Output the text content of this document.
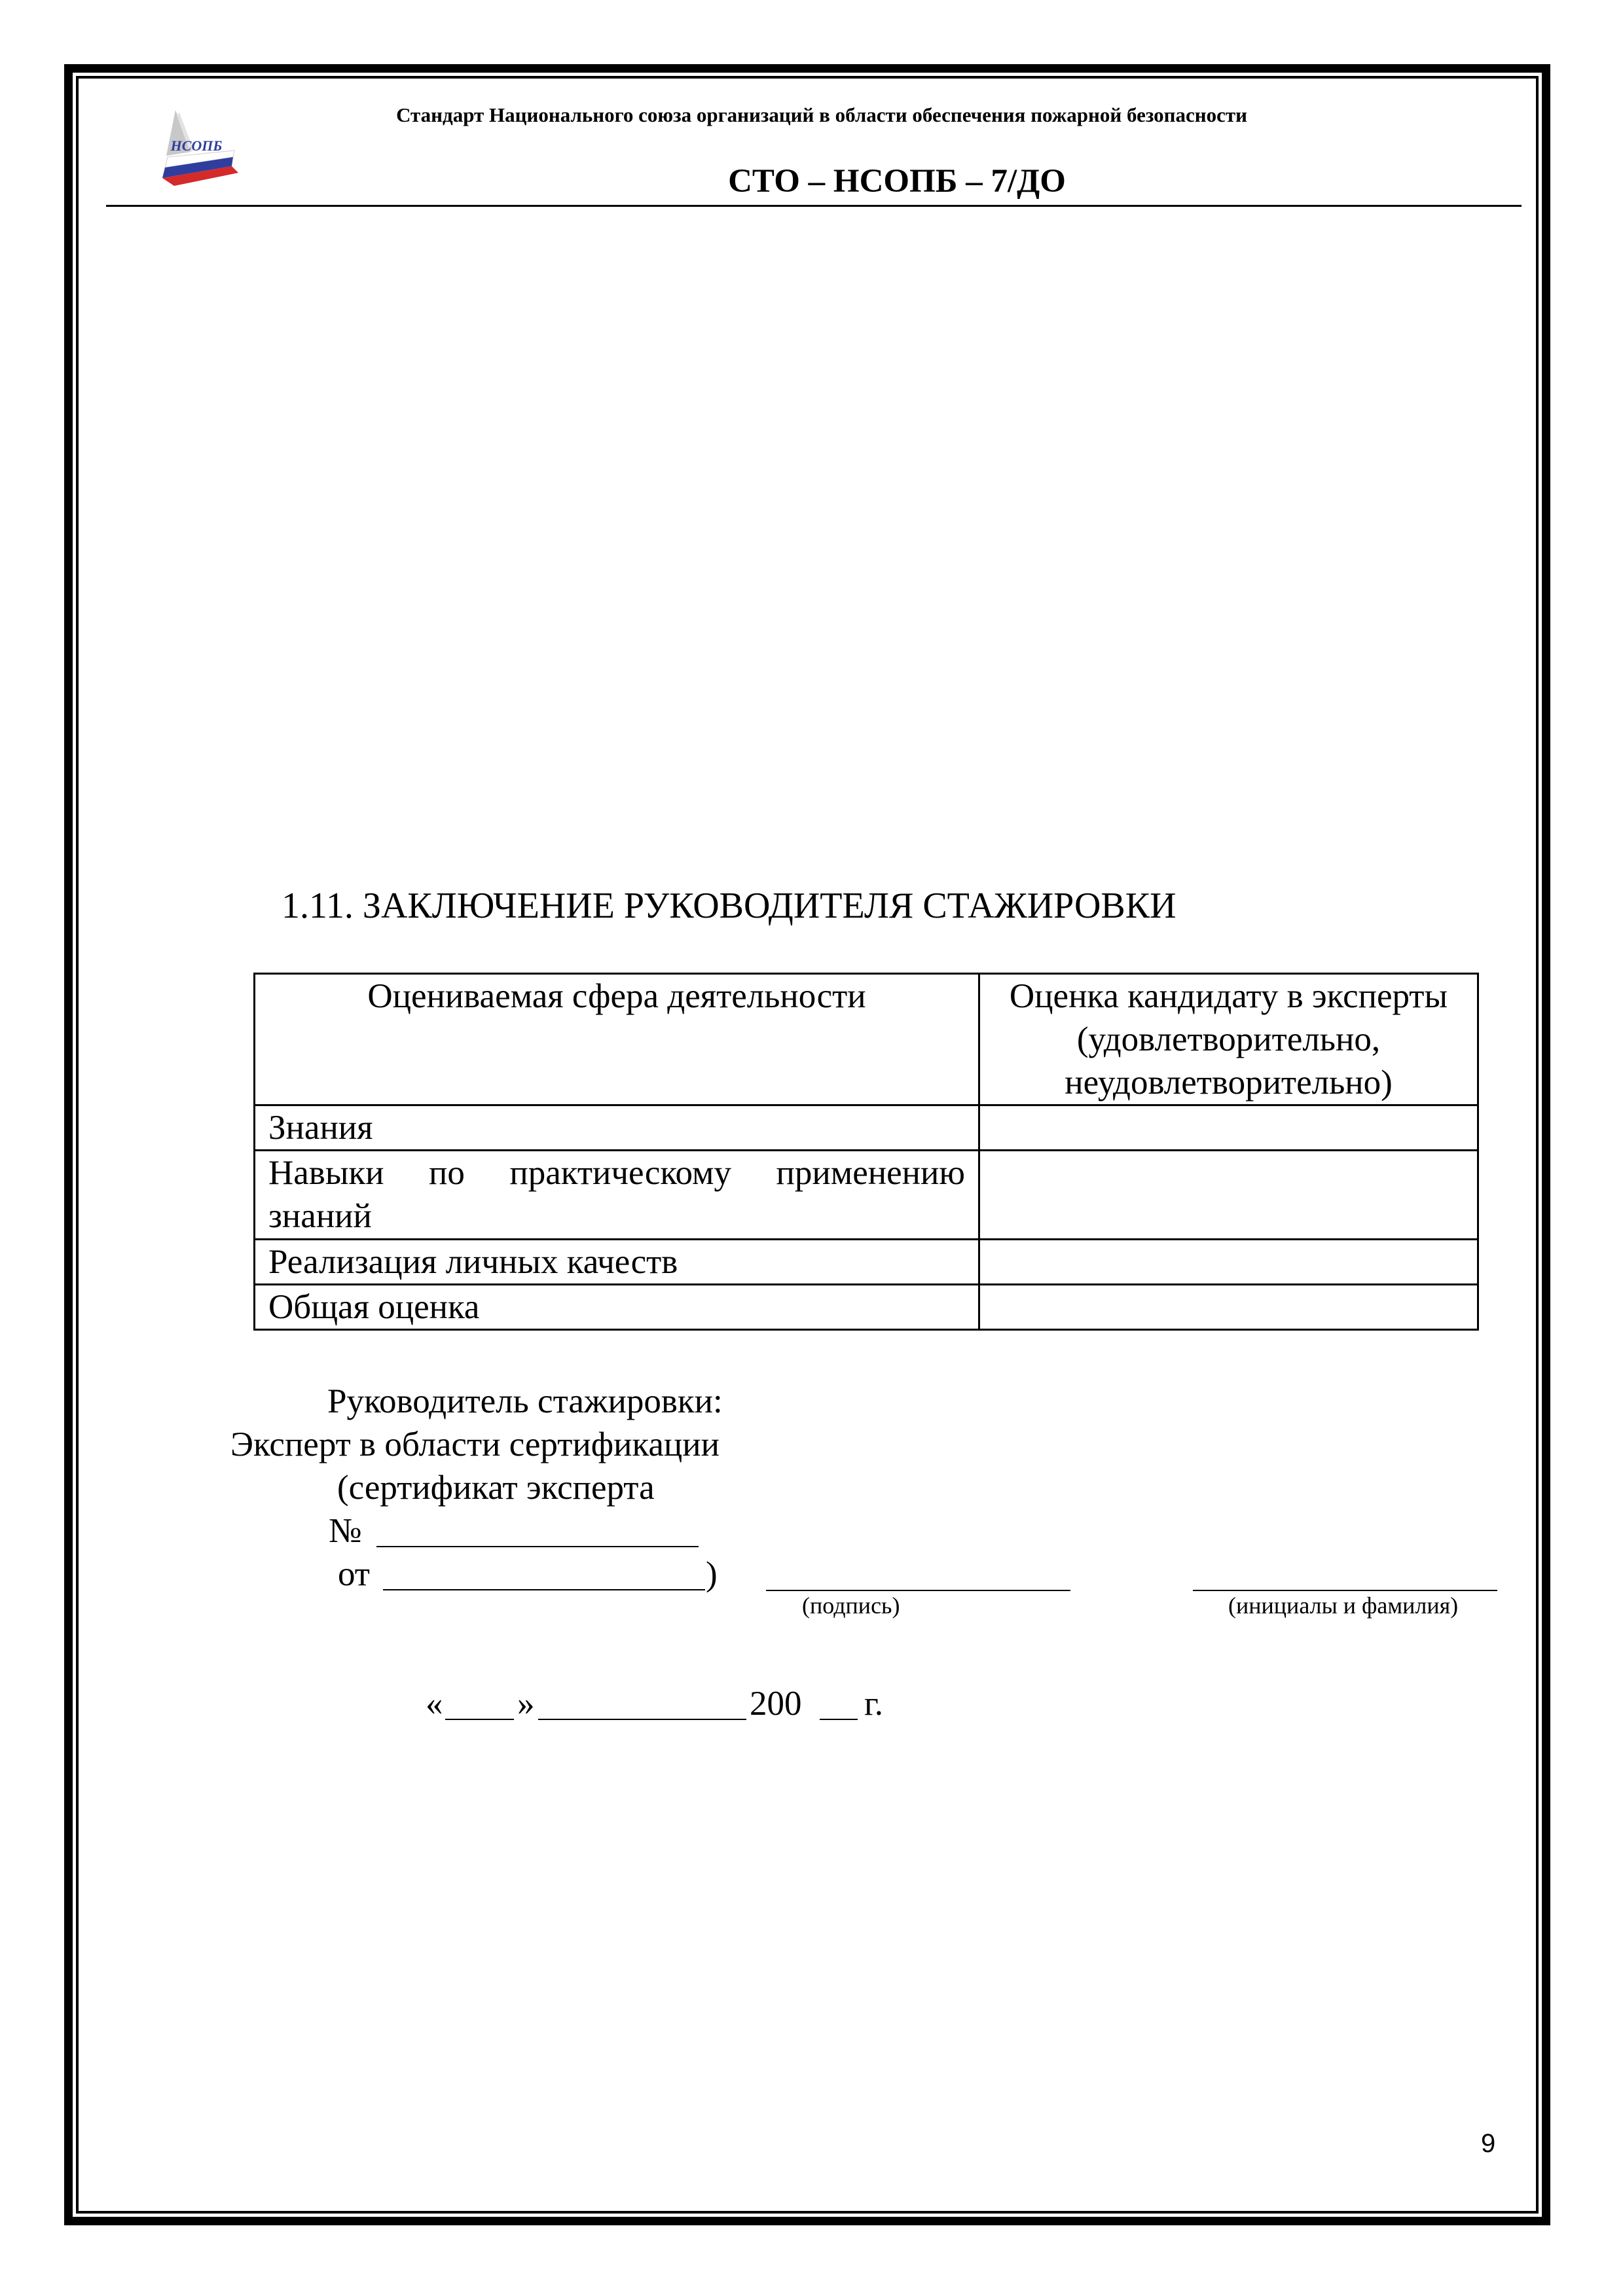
НСОПБ
Стандарт Национального союза организаций в области обеспечения пожарной безопасности
СТО – НСОПБ – 7/ДО
1.11. ЗАКЛЮЧЕНИЕ РУКОВОДИТЕЛЯ СТАЖИРОВКИ
Оцениваемая сфера деятельности	Оценка кандидату в эксперты
(удовлетворительно,
неудовлетворительно)

Знания	

Навыки по практическому применению
знаний	

Реализация личных качеств	
Общая оценка	
Руководитель стажировки:
Эксперт в области сертификации
(сертификат эксперта
№
от	)
(подпись)	(инициалы и фамилия)
« »	200 г.
9
